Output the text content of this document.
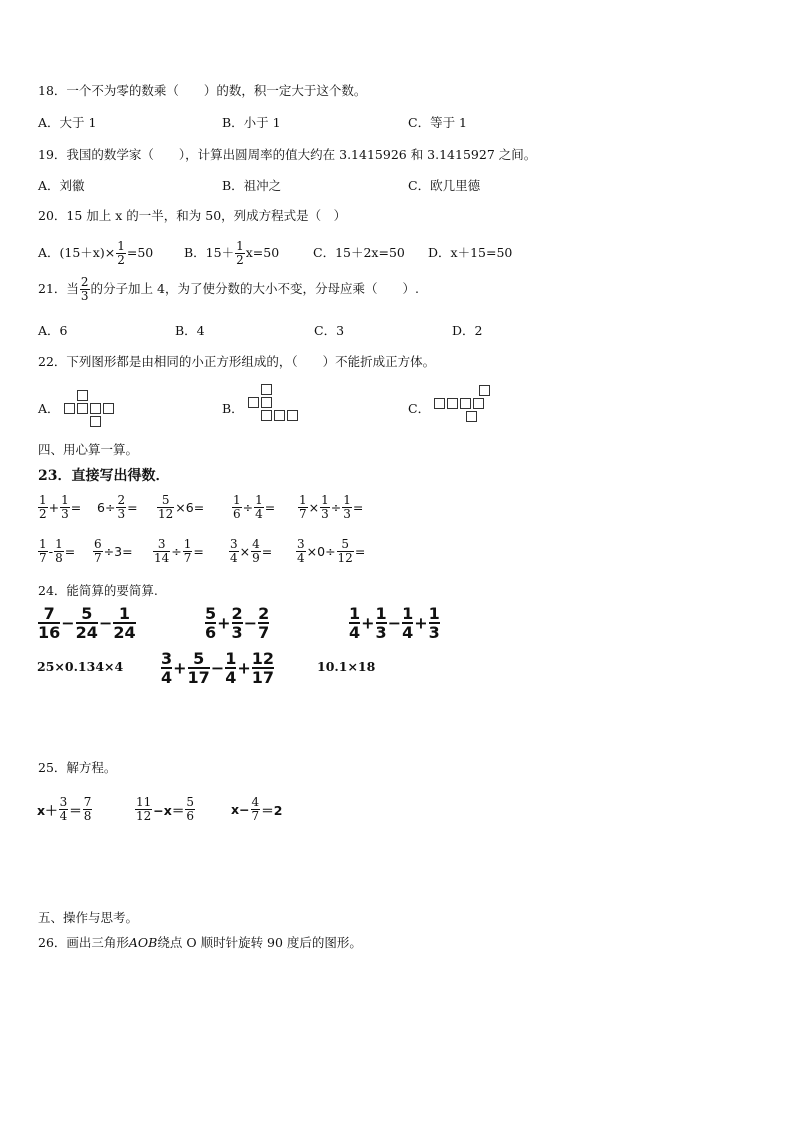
18．一个不为零的数乘（　　）的数，积一定大于这个数。
A．大于 1	B．小于 1	C．等于 1
19．我国的数学家（　　），计算出圆周率的值大约在 3.1415926 和 3.1415927 之间。
A．刘徽	B．祖冲之	C．欧几里德
20．15 加上 x 的一半，和为 50，列成方程式是（　）
A．$(15+x)\times \frac{1}{2} =50$ B．$15+ \frac{1}{2} x=50$	C．15＋2x=50 D．x＋15=50
21．当 $\frac{2}{3}$ 的分子加上 4，为了使分数的大小不变，分母应乘（　　）.
A．6	B．4	C．3	D．2
22．下列图形都是由相同的小正方形组成的，（　　）不能折成正方体。
A．	B．	C．
四、用心算一算。
23．直接写出得数．
$\frac{1}{2} + \frac{1}{3} = 6\div \frac{2}{3} = \frac{5}{12} \times 6= \frac{1}{6} \div \frac{1}{4} = \frac{1}{7} \times \frac{1}{3} \div \frac{1}{3}$ =
$\frac{1}{7} - \frac{1}{8} = \frac{6}{7} \div 3= \frac{3}{14} \div \frac{1}{7} = \frac{3}{4} \times \frac{4}{9} = \frac{3}{4} \times 0\div \frac{5}{12}$ =
24．能简算的要简算.
$\frac{7}{16} - \frac{5}{24} - \frac{1}{24}$	$\frac{5}{6} + \frac{2}{3} - \frac{2}{7}$	$\frac{1}{4} + \frac{1}{3} - \frac{1}{4} + \frac{1}{3}$
$25\times 0.134\times 4 \frac{3}{4} + \frac{5}{17} - \frac{1}{4} + \frac{12}{17}$	10.1×18
25．解方程。
$x+ \frac{3}{4} = \frac{7}{8}$	$\frac{11}{12} -x= \frac{5}{6}$	$x- \frac{4}{7} =2$
五、操作与思考。
26．画出三角形AOB绕点 O 顺时针旋转 90 度后的图形。
